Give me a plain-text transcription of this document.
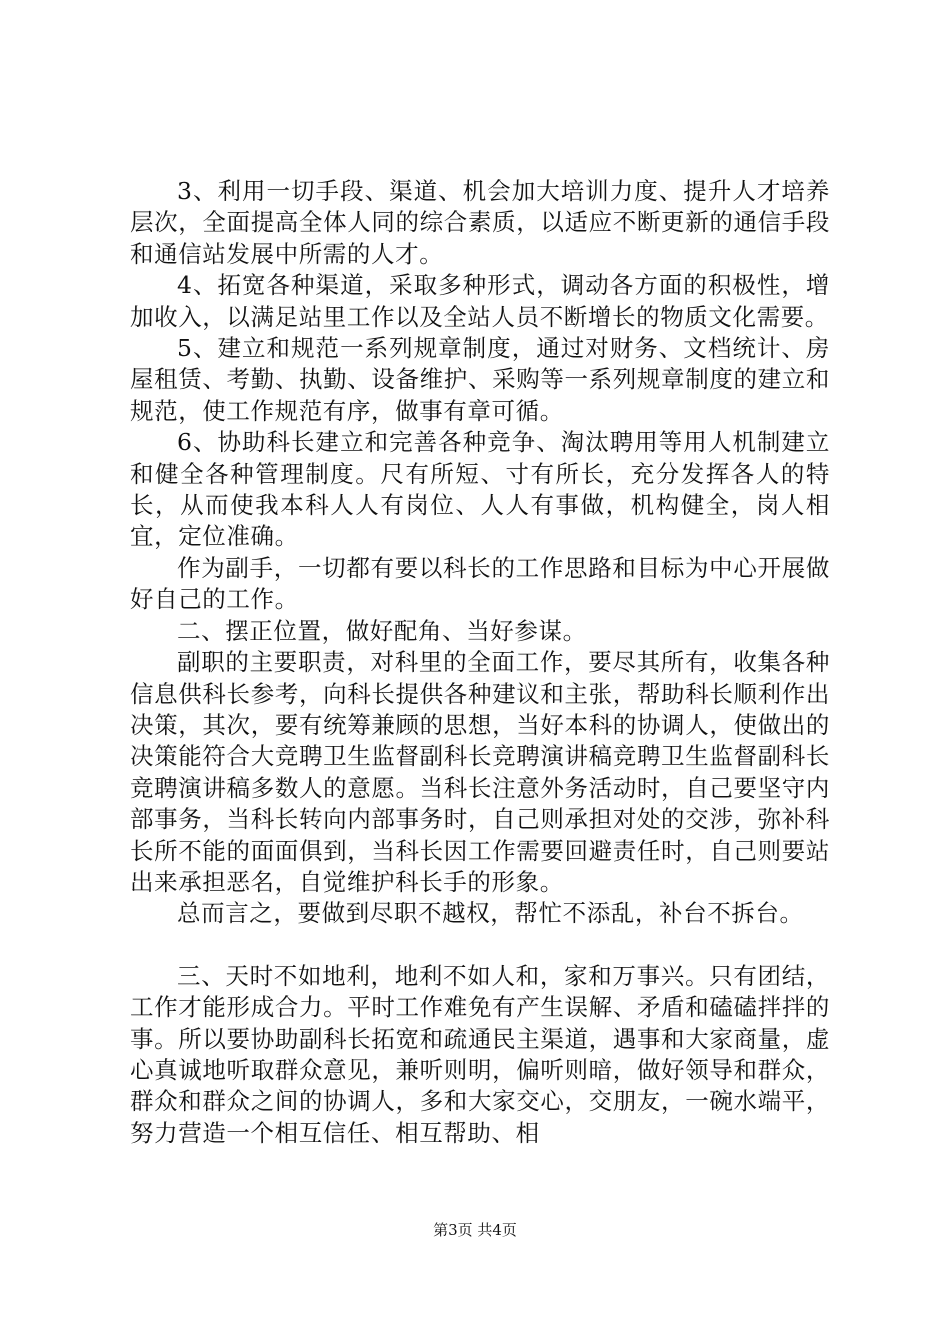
3、利用一切手段、渠道、机会加大培训力度、提升人才培养层次，全面提高全体人同的综合素质，以适应不断更新的通信手段和通信站发展中所需的人才。

4、拓宽各种渠道，采取多种形式，调动各方面的积极性，增加收入，以满足站里工作以及全站人员不断增长的物质文化需要。

5、建立和规范一系列规章制度，通过对财务、文档统计、房屋租赁、考勤、执勤、设备维护、采购等一系列规章制度的建立和规范，使工作规范有序，做事有章可循。

6、协助科长建立和完善各种竞争、淘汰聘用等用人机制建立和健全各种管理制度。尺有所短、寸有所长，充分发挥各人的特长，从而使我本科人人有岗位、人人有事做，机构健全，岗人相宜，定位准确。

作为副手，一切都有要以科长的工作思路和目标为中心开展做好自己的工作。

二、摆正位置，做好配角、当好参谋。

副职的主要职责，对科里的全面工作，要尽其所有，收集各种信息供科长参考，向科长提供各种建议和主张，帮助科长顺利作出决策，其次，要有统筹兼顾的思想，当好本科的协调人，使做出的决策能符合大竞聘卫生监督副科长竞聘演讲稿竞聘卫生监督副科长竞聘演讲稿多数人的意愿。当科长注意外务活动时，自己要坚守内部事务，当科长转向内部事务时，自己则承担对处的交涉，弥补科长所不能的面面俱到，当科长因工作需要回避责任时，自己则要站出来承担恶名，自觉维护科长手的形象。

总而言之，要做到尽职不越权，帮忙不添乱，补台不拆台。

三、天时不如地利，地利不如人和，家和万事兴。只有团结，工作才能形成合力。平时工作难免有产生误解、矛盾和磕磕拌拌的事。所以要协助副科长拓宽和疏通民主渠道，遇事和大家商量，虚心真诚地听取群众意见，兼听则明，偏听则暗，做好领导和群众，群众和群众之间的协调人，多和大家交心，交朋友，一碗水端平，努力营造一个相互信任、相互帮助、相

第3页 共4页
